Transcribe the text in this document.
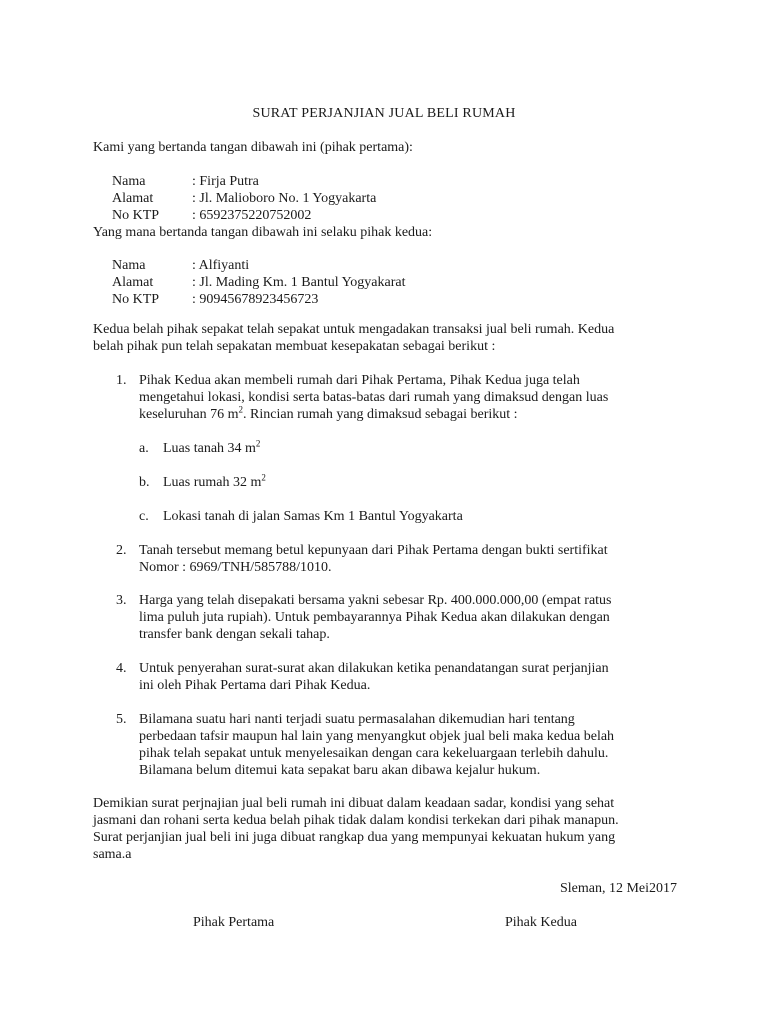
SURAT PERJANJIAN JUAL BELI RUMAH
Kami yang bertanda tangan dibawah ini (pihak pertama):
Nama	: Firja Putra
Alamat	: Jl. Malioboro No. 1 Yogyakarta
No KTP : 6592375220752002
Yang mana bertanda tangan dibawah ini selaku pihak kedua:
Nama	: Alfiyanti
Alamat	: Jl. Mading Km. 1 Bantul Yogyakarat
No KTP : 90945678923456723
Kedua belah pihak sepakat telah sepakat untuk mengadakan transaksi jual beli rumah. Kedua
belah pihak pun telah sepakatan membuat kesepakatan sebagai berikut :
1. Pihak Kedua akan membeli rumah dari Pihak Pertama, Pihak Kedua juga telah
mengetahui lokasi, kondisi serta batas-batas dari rumah yang dimaksud dengan luas
keseluruhan 76 $m^2$. Rincian rumah yang dimaksud sebagai berikut :
a. Luas tanah 34 $m^2$
b. Luas rumah 32 $m^2$
c. Lokasi tanah di jalan Samas Km 1 Bantul Yogyakarta
2. Tanah tersebut memang betul kepunyaan dari Pihak Pertama dengan bukti sertifikat
Nomor : 6969/TNH/585788/1010.
3. Harga yang telah disepakati bersama yakni sebesar Rp. 400.000.000,00 (empat ratus
lima puluh juta rupiah). Untuk pembayarannya Pihak Kedua akan dilakukan dengan
transfer bank dengan sekali tahap.
4. Untuk penyerahan surat-surat akan dilakukan ketika penandatangan surat perjanjian
ini oleh Pihak Pertama dari Pihak Kedua.
5. Bilamana suatu hari nanti terjadi suatu permasalahan dikemudian hari tentang
perbedaan tafsir maupun hal lain yang menyangkut objek jual beli maka kedua belah
pihak telah sepakat untuk menyelesaikan dengan cara kekeluargaan terlebih dahulu.
Bilamana belum ditemui kata sepakat baru akan dibawa kejalur hukum.
Demikian surat perjnajian jual beli rumah ini dibuat dalam keadaan sadar, kondisi yang sehat
jasmani dan rohani serta kedua belah pihak tidak dalam kondisi terkekan dari pihak manapun.
Surat perjanjian jual beli ini juga dibuat rangkap dua yang mempunyai kekuatan hukum yang
sama.a
Sleman, 12 Mei2017
Pihak Pertama	Pihak Kedua
